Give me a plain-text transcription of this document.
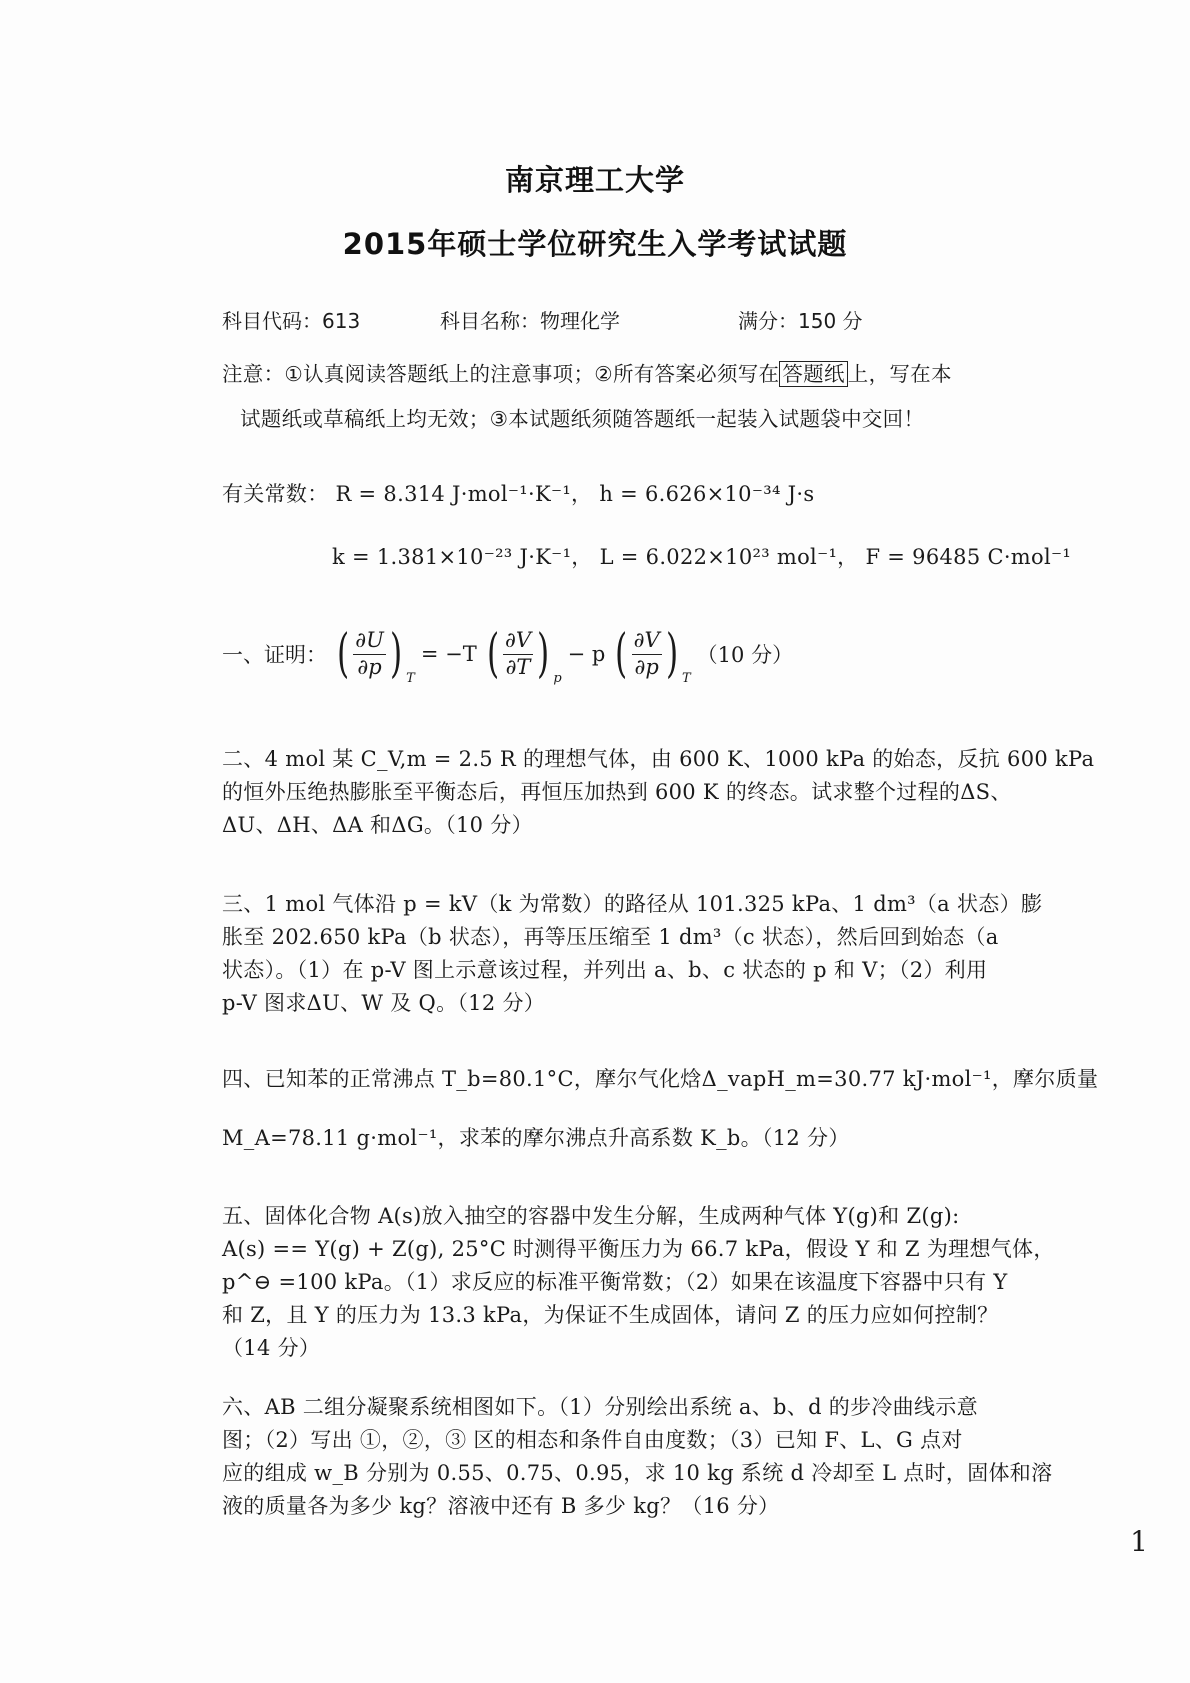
南京理工大学
2015年硕士学位研究生入学考试试题
科目代码：613	科目名称：物理化学	满分：150 分
注意：①认真阅读答题纸上的注意事项；②所有答案必须写在 答题纸 上，写在本
试题纸或草稿纸上均无效；③本试题纸须随答题纸一起装入试题袋中交回！
有关常数： R = 8.314 J·mol⁻¹·K⁻¹， h = 6.626×10⁻³⁴ J·s
k = 1.381×10⁻²³ J·K⁻¹， L = 6.022×10²³ mol⁻¹， F = 96485 C·mol⁻¹
一、证明： ( $\frac{\partial U}{\partial p}$ ) T
= −T ( $\frac{\partial V}{\partial T}$ ) p
− p ( $\frac{\partial V}{\partial p}$ ) T
（10 分）
二、4 mol 某 C_V,m = 2.5 R 的理想气体，由 600 K、1000 kPa 的始态，反抗 600 kPa
的恒外压绝热膨胀至平衡态后，再恒压加热到 600 K 的终态。试求整个过程的ΔS、
ΔU、ΔH、ΔA 和ΔG。（10 分）
三、1 mol 气体沿 p = kV（k 为常数）的路径从 101.325 kPa、1 dm³（a 状态）膨
胀至 202.650 kPa（b 状态），再等压压缩至 1 dm³（c 状态），然后回到始态（a
状态）。（1）在 p-V 图上示意该过程，并列出 a、b、c 状态的 p 和 V；（2）利用
p-V 图求ΔU、W 及 Q。（12 分）
四、已知苯的正常沸点 T_b=80.1°C，摩尔气化焓Δ_vapH_m=30.77 kJ·mol⁻¹，摩尔质量
M_A=78.11 g·mol⁻¹，求苯的摩尔沸点升高系数 K_b。（12 分）
五、固体化合物 A(s)放入抽空的容器中发生分解，生成两种气体 Y(g)和 Z(g):
A(s) == Y(g) + Z(g), 25°C 时测得平衡压力为 66.7 kPa，假设 Y 和 Z 为理想气体，
p^⊖ =100 kPa。（1）求反应的标准平衡常数；（2）如果在该温度下容器中只有 Y
和 Z，且 Y 的压力为 13.3 kPa，为保证不生成固体，请问 Z 的压力应如何控制？
（14 分）
六、AB 二组分凝聚系统相图如下。（1）分别绘出系统 a、b、d 的步冷曲线示意
图；（2）写出 ①，②，③ 区的相态和条件自由度数；（3）已知 F、L、G 点对
应的组成 w_B 分别为 0.55、0.75、0.95，求 10 kg 系统 d 冷却至 L 点时，固体和溶
液的质量各为多少 kg？溶液中还有 B 多少 kg？（16 分）
1
